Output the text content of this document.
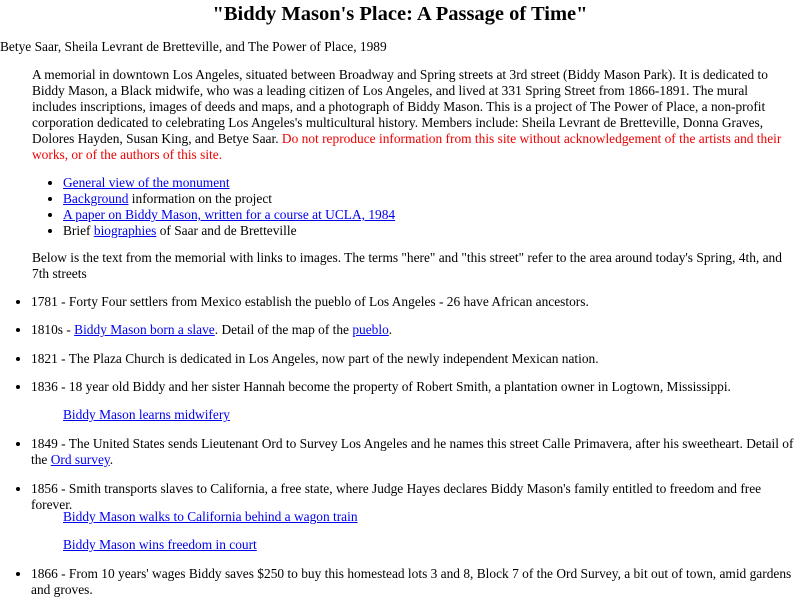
"Biddy Mason's Place: A Passage of Time"

Betye Saar, Sheila Levrant de Bretteville, and The Power of Place, 1989

A memorial in downtown Los Angeles, situated between Broadway and Spring streets at 3rd street (Biddy Mason Park). It is dedicated to Biddy Mason, a Black midwife, who was a leading citizen of Los Angeles, and lived at 331 Spring Street from 1866-1891. The mural includes inscriptions, images of deeds and maps, and a photograph of Biddy Mason. This is a project of The Power of Place, a non-profit corporation dedicated to celebrating Los Angeles's multicultural history. Members include: Sheila Levrant de Bretteville, Donna Graves, Dolores Hayden, Susan King, and Betye Saar. Do not reproduce information from this site without acknowledgement of the artists and their works, or of the authors of this site.

• General view of the monument
• Background information on the project
• A paper on Biddy Mason, written for a course at UCLA, 1984
• Brief biographies of Saar and de Bretteville

Below is the text from the memorial with links to images. The terms "here" and "this street" refer to the area around today's Spring, 4th, and 7th streets

• 1781 - Forty Four settlers from Mexico establish the pueblo of Los Angeles - 26 have African ancestors.
• 1810s - Biddy Mason born a slave. Detail of the map of the pueblo.
• 1821 - The Plaza Church is dedicated in Los Angeles, now part of the newly independent Mexican nation.
• 1836 - 18 year old Biddy and her sister Hannah become the property of Robert Smith, a plantation owner in Logtown, Mississippi.

Biddy Mason learns midwifery

• 1849 - The United States sends Lieutenant Ord to Survey Los Angeles and he names this street Calle Primavera, after his sweetheart. Detail of the Ord survey.
• 1856 - Smith transports slaves to California, a free state, where Judge Hayes declares Biddy Mason's family entitled to freedom and free forever.

Biddy Mason walks to California behind a wagon train

Biddy Mason wins freedom in court

• 1866 - From 10 years' wages Biddy saves $250 to buy this homestead lots 3 and 8, Block 7 of the Ord Survey, a bit out of town, amid gardens and groves.
